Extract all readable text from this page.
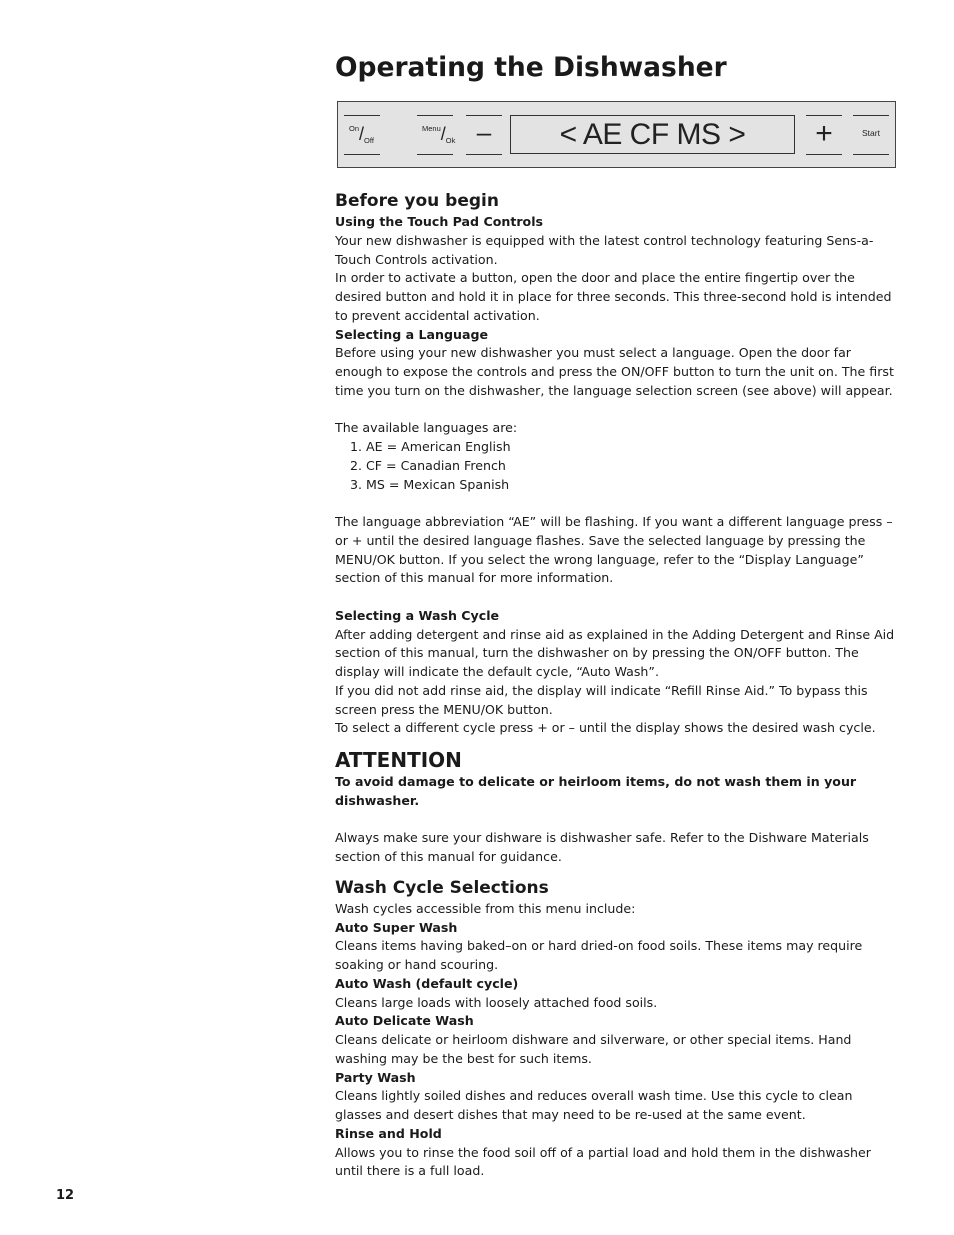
Operating the Dishwasher
$^{On}$/Off
$^{Menu}$/Ok –	< AE CF MS >	+	Start
Before you begin

Using the Touch Pad Controls

Your new dishwasher is equipped with the latest control technology featuring Sens-a-Touch Controls activation.

In order to activate a button, open the door and place the entire fingertip over the desired button and hold it in place for three seconds. This three-second hold is intended to prevent accidental activation.

Selecting a Language

Before using your new dishwasher you must select a language. Open the door far enough to expose the controls and press the ON/OFF button to turn the unit on. The first time you turn on the dishwasher, the language selection screen (see above) will appear.

The available languages are:

1. AE = American English
2. CF = Canadian French
3. MS = Mexican Spanish

The language abbreviation “AE” will be flashing. If you want a different language press – or + until the desired language flashes. Save the selected language by pressing the MENU/OK button. If you select the wrong language, refer to the “Display Language” section of this manual for more information.

Selecting a Wash Cycle

After adding detergent and rinse aid as explained in the Adding Detergent and Rinse Aid section of this manual, turn the dishwasher on by pressing the ON/OFF button. The display will indicate the default cycle, “Auto Wash”.

If you did not add rinse aid, the display will indicate “Refill Rinse Aid.” To bypass this screen press the MENU/OK button.

To select a different cycle press + or – until the display shows the desired wash cycle.

ATTENTION

To avoid damage to delicate or heirloom items, do not wash them in your dishwasher.

Always make sure your dishware is dishwasher safe. Refer to the Dishware Materials section of this manual for guidance.

Wash Cycle Selections

Wash cycles accessible from this menu include:

Auto Super Wash

Cleans items having baked–on or hard dried-on food soils. These items may require soaking or hand scouring.

Auto Wash (default cycle)

Cleans large loads with loosely attached food soils.

Auto Delicate Wash

Cleans delicate or heirloom dishware and silverware, or other special items. Hand washing may be the best for such items.

Party Wash

Cleans lightly soiled dishes and reduces overall wash time. Use this cycle to clean glasses and desert dishes that may need to be re-used at the same event.

Rinse and Hold

Allows you to rinse the food soil off of a partial load and hold them in the dishwasher until there is a full load.

12
